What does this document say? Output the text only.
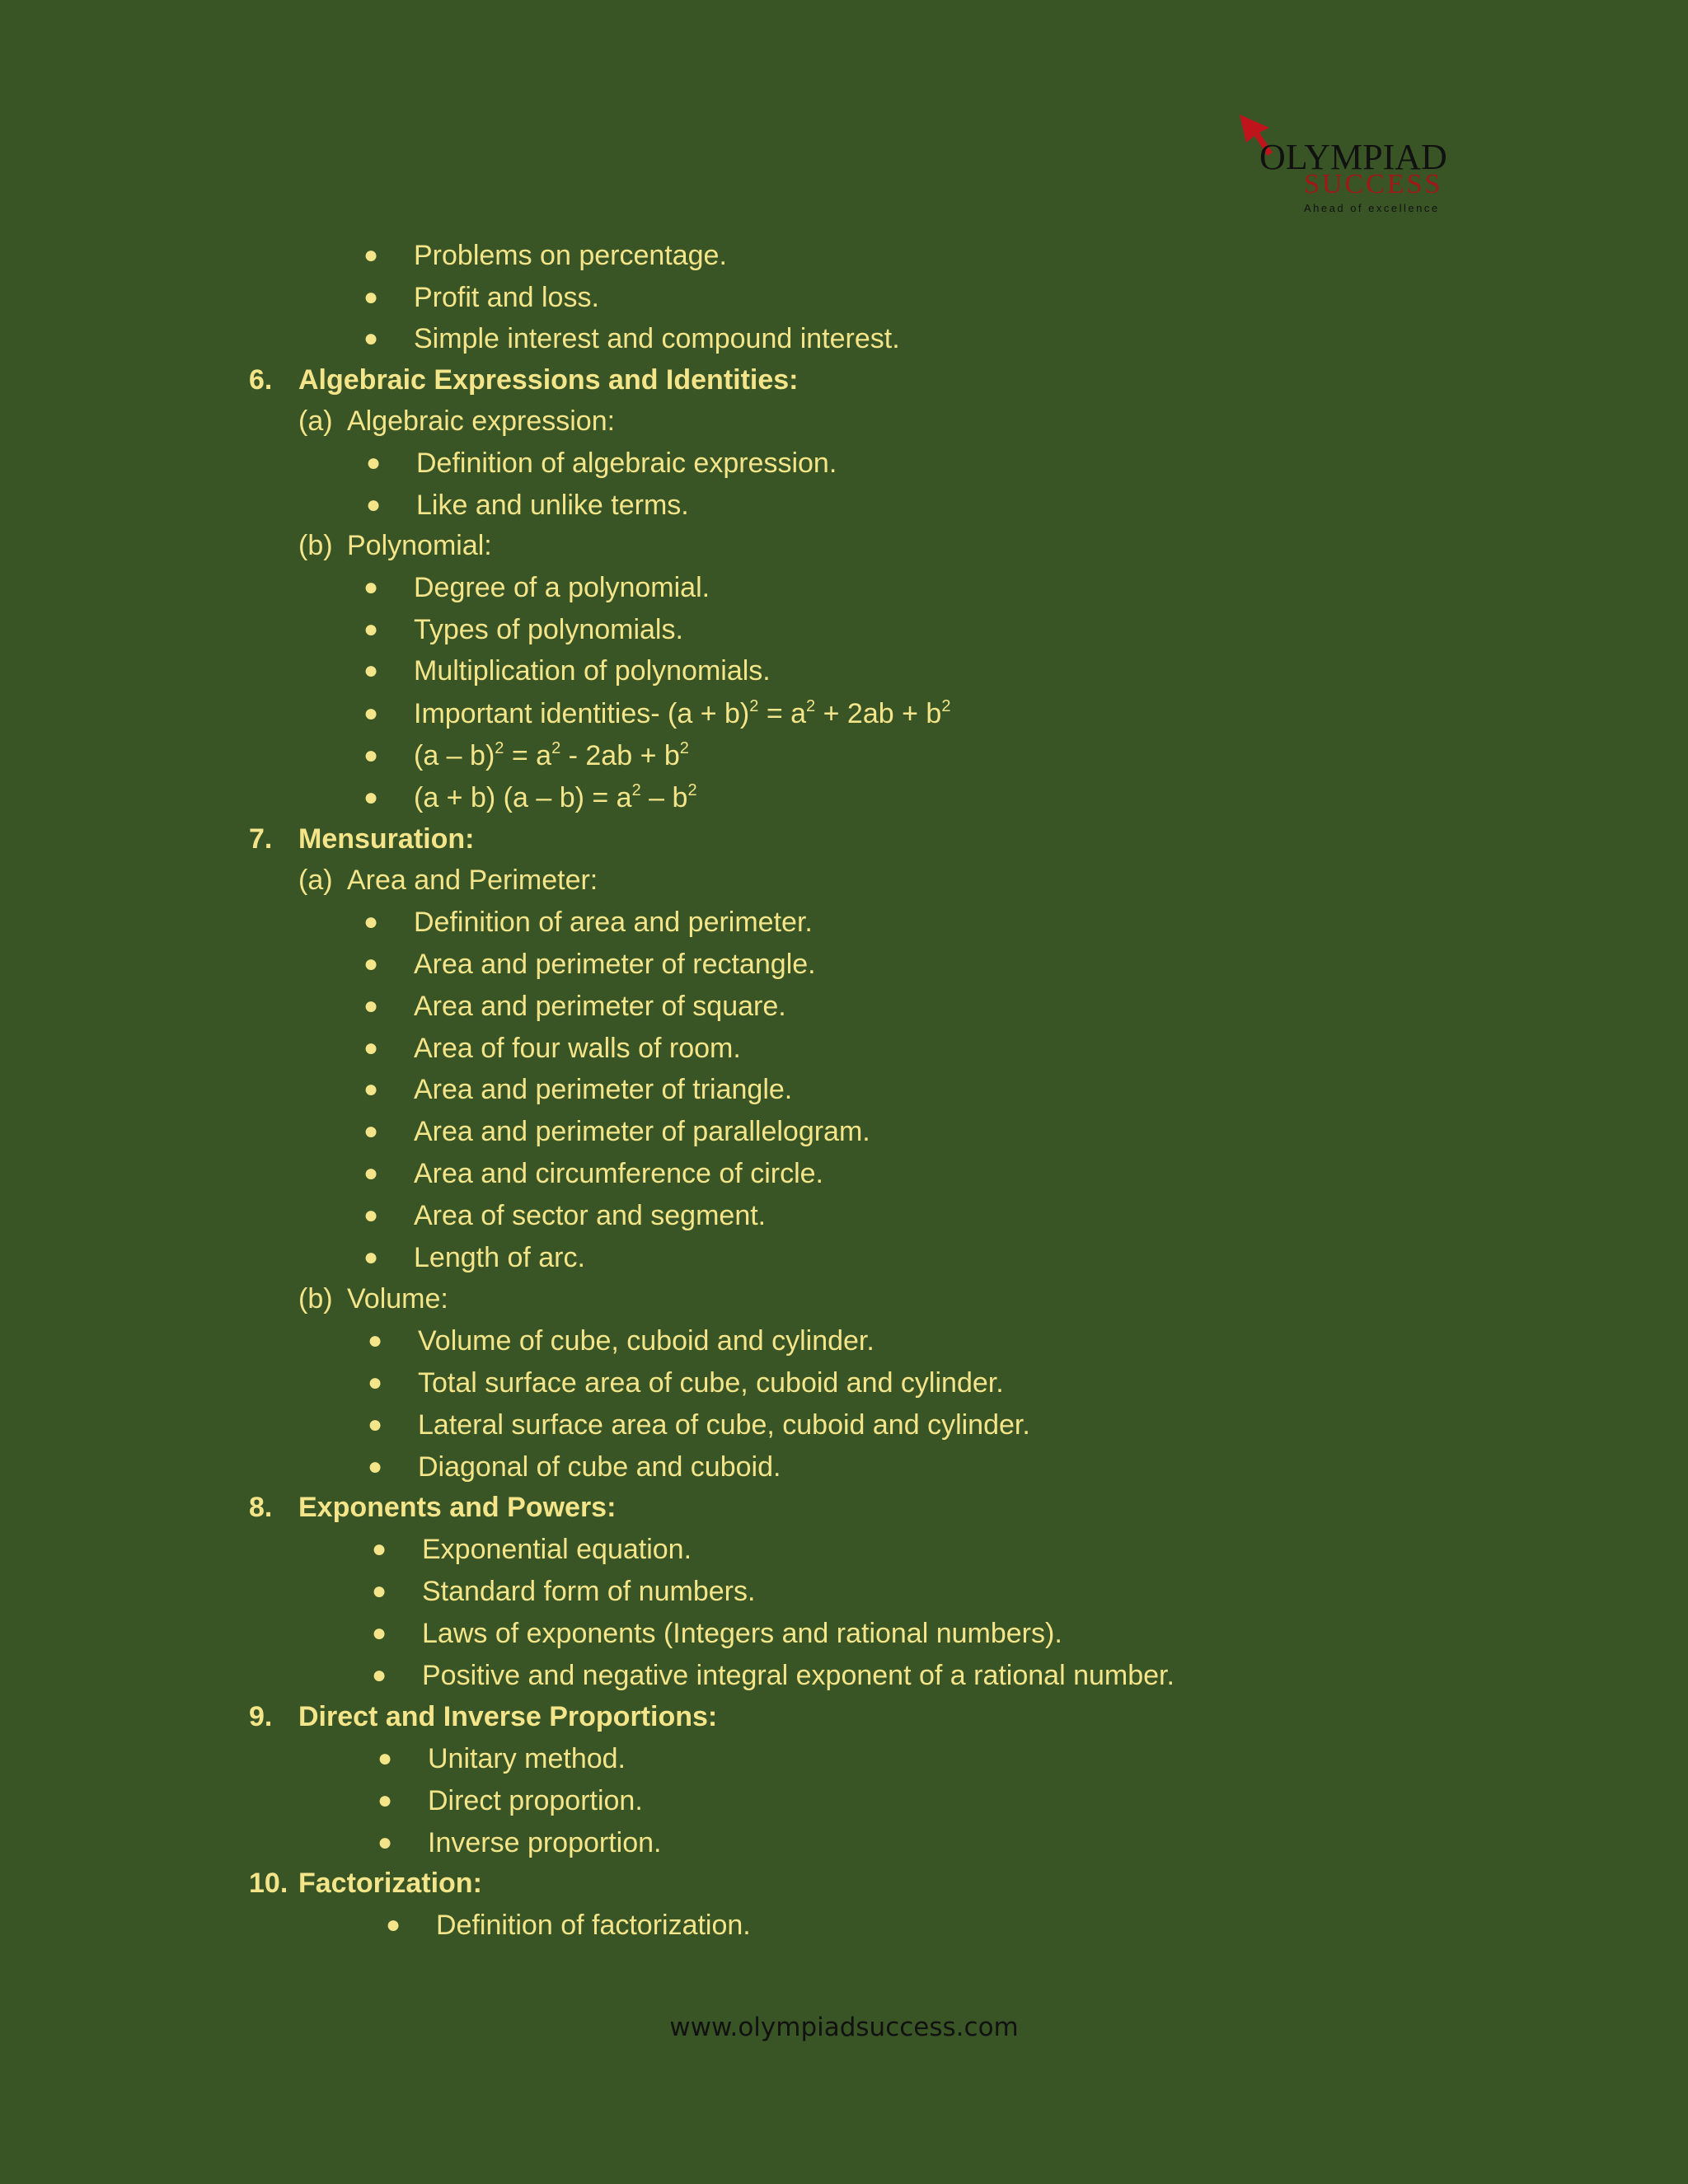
OLYMPIAD
SUCCESS
Ahead of excellence
● Problems on percentage.
● Profit and loss.
● Simple interest and compound interest.
6. Algebraic Expressions and Identities:
(a) Algebraic expression:
● Definition of algebraic expression.
● Like and unlike terms.
(b) Polynomial:
● Degree of a polynomial.
● Types of polynomials.
● Multiplication of polynomials.
● Important identities- $(a + b)^2 = a^2 + 2ab + b^2$
● $(a - b)^2 = a^2 - 2ab + b^2$
● (a + b) $(a - b) = a^2 - b^2$
7. Mensuration:
(a) Area and Perimeter:
● Definition of area and perimeter.
● Area and perimeter of rectangle.
● Area and perimeter of square.
● Area of four walls of room.
● Area and perimeter of triangle.
● Area and perimeter of parallelogram.
● Area and circumference of circle.
● Area of sector and segment.
● Length of arc.
(b) Volume:
● Volume of cube, cuboid and cylinder.
● Total surface area of cube, cuboid and cylinder.
● Lateral surface area of cube, cuboid and cylinder.
● Diagonal of cube and cuboid.
8. Exponents and Powers:
● Exponential equation.
● Standard form of numbers.
● Laws of exponents (Integers and rational numbers).
● Positive and negative integral exponent of a rational number.
9. Direct and Inverse Proportions:
● Unitary method.
● Direct proportion.
● Inverse proportion.
10. Factorization:
● Definition of factorization.
www.olympiadsuccess.com
